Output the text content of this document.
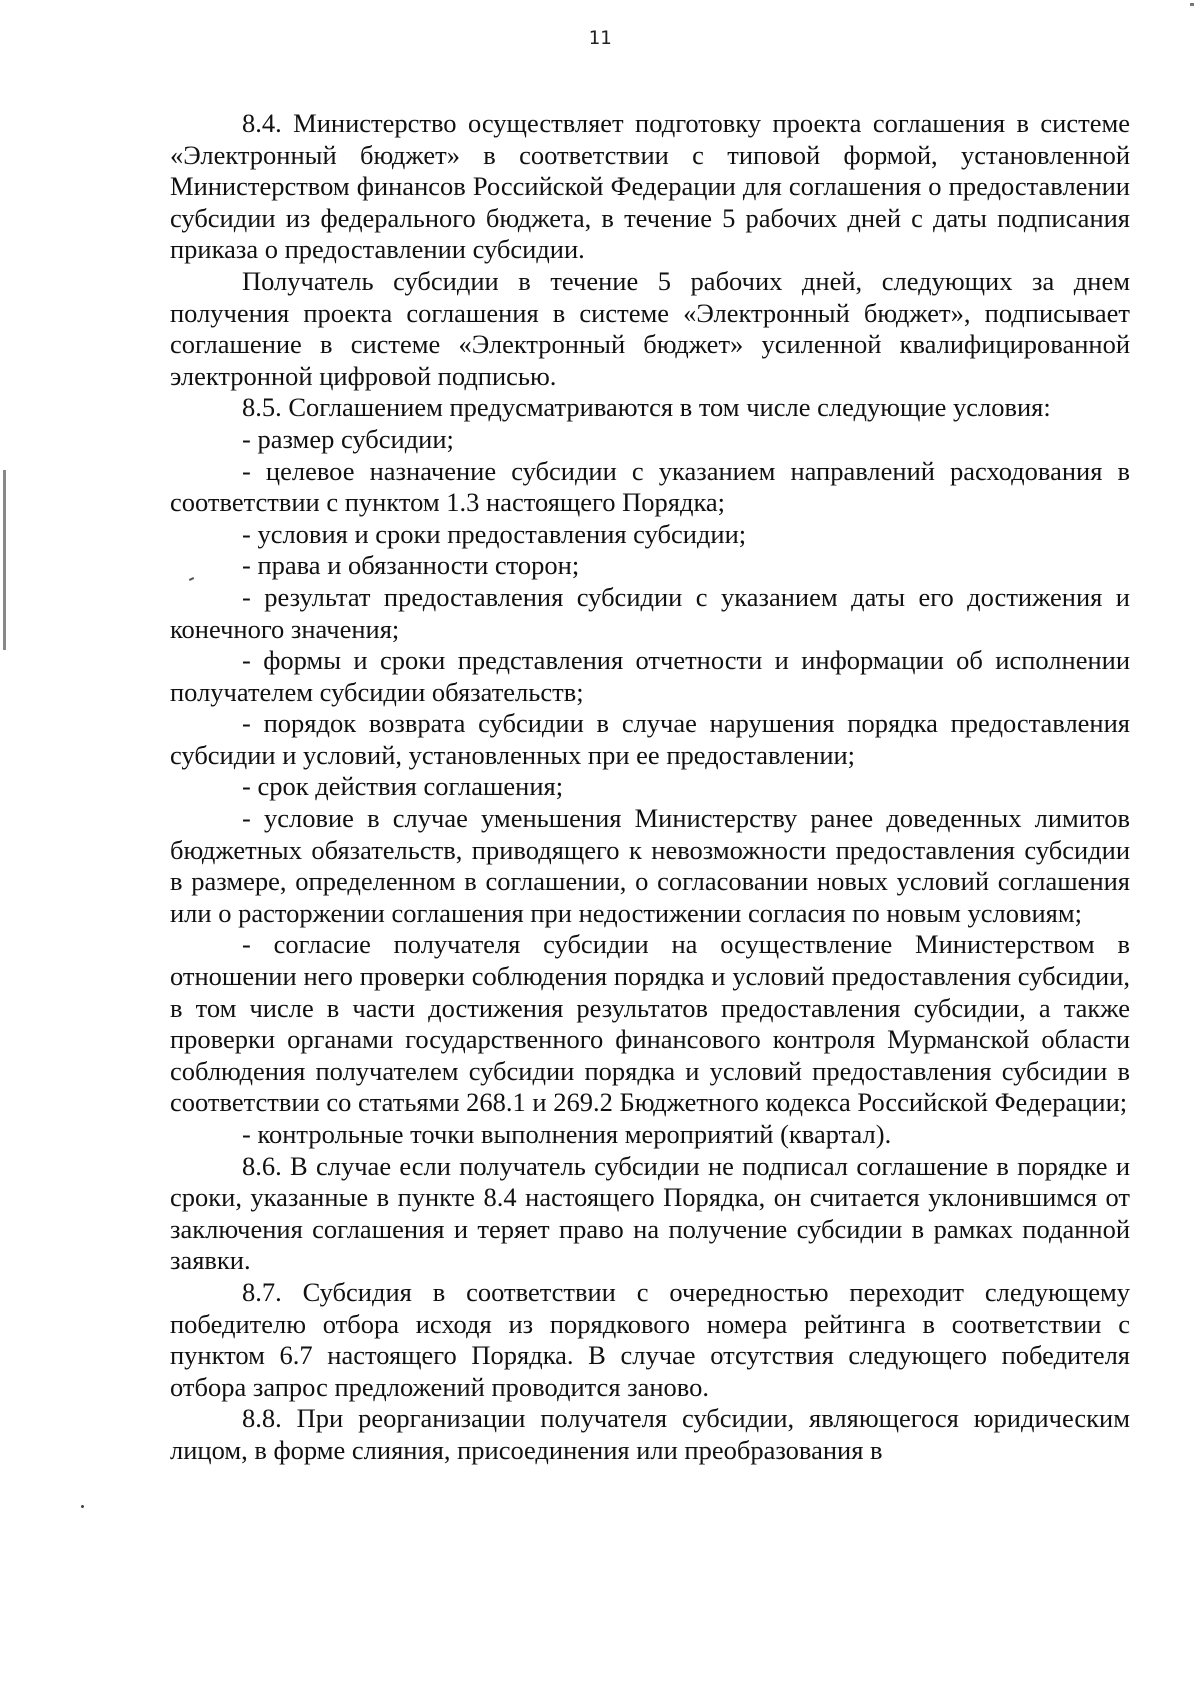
11

8.4. Министерство осуществляет подготовку проекта соглашения в системе «Электронный бюджет» в соответствии с типовой формой, установленной Министерством финансов Российской Федерации для соглашения о предоставлении субсидии из федерального бюджета, в течение 5 рабочих дней с даты подписания приказа о предоставлении субсидии.

Получатель субсидии в течение 5 рабочих дней, следующих за днем получения проекта соглашения в системе «Электронный бюджет», подписывает соглашение в системе «Электронный бюджет» усиленной квалифицированной электронной цифровой подписью.

8.5. Соглашением предусматриваются в том числе следующие условия:

- размер субсидии;

- целевое назначение субсидии с указанием направлений расходования в соответствии с пунктом 1.3 настоящего Порядка;

- условия и сроки предоставления субсидии;

- права и обязанности сторон;

- результат предоставления субсидии с указанием даты его достижения и конечного значения;

- формы и сроки представления отчетности и информации об исполнении получателем субсидии обязательств;

- порядок возврата субсидии в случае нарушения порядка предоставления субсидии и условий, установленных при ее предоставлении;

- срок действия соглашения;

- условие в случае уменьшения Министерству ранее доведенных лимитов бюджетных обязательств, приводящего к невозможности предоставления субсидии в размере, определенном в соглашении, о согласовании новых условий соглашения или о расторжении соглашения при недостижении согласия по новым условиям;

- согласие получателя субсидии на осуществление Министерством в отношении него проверки соблюдения порядка и условий предоставления субсидии, в том числе в части достижения результатов предоставления субсидии, а также проверки органами государственного финансового контроля Мурманской области соблюдения получателем субсидии порядка и условий предоставления субсидии в соответствии со статьями 268.1 и 269.2 Бюджетного кодекса Российской Федерации;

- контрольные точки выполнения мероприятий (квартал).

8.6. В случае если получатель субсидии не подписал соглашение в порядке и сроки, указанные в пункте 8.4 настоящего Порядка, он считается уклонившимся от заключения соглашения и теряет право на получение субсидии в рамках поданной заявки.

8.7. Субсидия в соответствии с очередностью переходит следующему победителю отбора исходя из порядкового номера рейтинга в соответствии с пунктом 6.7 настоящего Порядка. В случае отсутствия следующего победителя отбора запрос предложений проводится заново.

8.8. При реорганизации получателя субсидии, являющегося юридическим лицом, в форме слияния, присоединения или преобразования в
